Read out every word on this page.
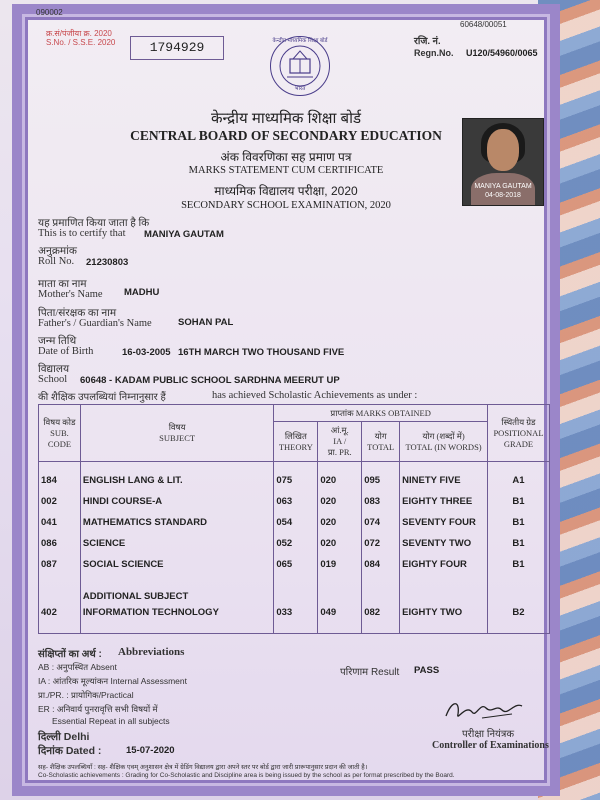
090002
60648/00051
क्र.सं/पंजीया क्र. 2020
S.No. / S.S.E. 2020	1794929	रजि. नं.
Regn.No. U120/54960/0065
केन्द्रीय माध्यमिक शिक्षा बोर्ड
भारत
केन्द्रीय माध्यमिक शिक्षा बोर्ड
CENTRAL BOARD OF SECONDARY EDUCATION
अंक विवरणिका सह प्रमाण पत्र
MARKS STATEMENT CUM CERTIFICATE
माध्यमिक विद्यालय परीक्षा, 2020
SECONDARY SCHOOL EXAMINATION, 2020
MANIYA GAUTAM
04-08-2018
यह प्रमाणित किया जाता है कि
This is to certify that MANIYA GAUTAM
अनुक्रमांक
Roll No. 21230803
माता का नाम
Mother's Name MADHU
पिता/संरक्षक का नाम
Father's / Guardian's Name	SOHAN PAL
जन्म तिथि
Date of Birth	16-03-2005 16TH MARCH TWO THOUSAND FIVE
विद्यालय
School 60648 - KADAM PUBLIC SCHOOL SARDHNA MEERUT UP
की शैक्षिक उपलब्धियां निम्नानुसार हैं	has achieved Scholastic Achievements as under :
विषय कोड
SUB.
CODE	विषय
SUBJECT	प्राप्तांक MARKS OBTAINED				स्थितीय ग्रेड
POSITIONAL
GRADE
		लिखित
THEORY	आं.मू.
IA /
प्रा. PR.	योग
TOTAL	योग (शब्दों में)
TOTAL (IN WORDS)	

184	ENGLISH LANG & LIT.	075	020	095	NINETY FIVE	A1
002	HINDI COURSE-A	063	020	083	EIGHTY THREE	B1
041	MATHEMATICS STANDARD	054	020	074	SEVENTY FOUR	B1
086	SCIENCE	052	020	072	SEVENTY TWO	B1
087	SOCIAL SCIENCE	065	019	084	EIGHTY FOUR	B1
	ADDITIONAL SUBJECT					
402	INFORMATION TECHNOLOGY	033	049	082	EIGHTY TWO	B2

संक्षिप्तों का अर्थ : Abbreviations
AB : अनुपस्थित Absent
IA : आंतरिक मूल्यांकन Internal Assessment
प्रा./PR. : प्रायोगिक/Practical
ER : अनिवार्य पुनरावृत्ति सभी विषयों में
Essential Repeat in all subjects
परिणाम Result PASS
दिल्ली Delhi
दिनांक Dated :	15-07-2020
परीक्षा नियंत्रक
Controller of Examinations
सह- शैक्षिक उपलब्धियाँ : सह- शैक्षिक एवम् अनुशासन क्षेत्र में ग्रेडिंग विद्यालय द्वारा अपने स्तर पर बोर्ड द्वारा जारी प्रारूपानुसार प्रदान की जाती है।
Co-Scholastic achievements : Grading for Co-Scholastic and Discipline area is being issued by the school as per format prescribed by the Board.
